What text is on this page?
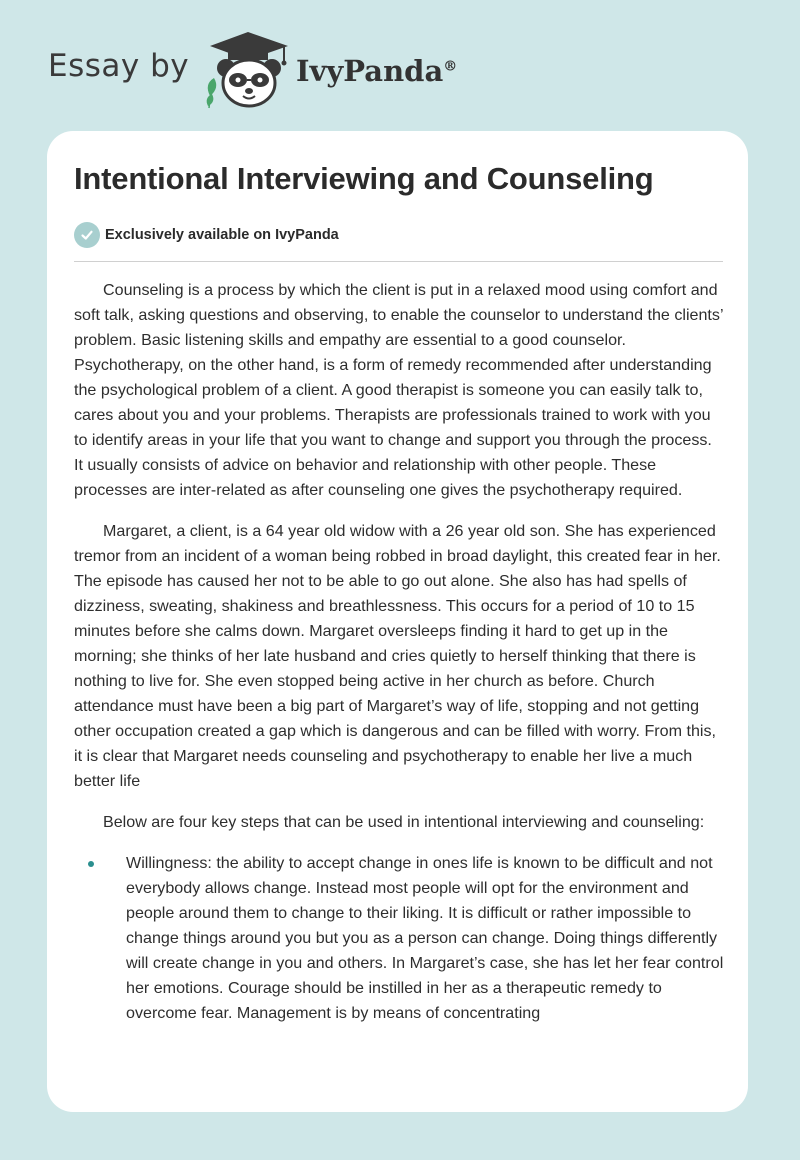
Essay by	IvyPanda®
Intentional Interviewing and Counseling
Exclusively available on IvyPanda

Counseling is a process by which the client is put in a relaxed mood using comfort and soft talk, asking questions and observing, to enable the counselor to understand the clients’ problem. Basic listening skills and empathy are essential to a good counselor. Psychotherapy, on the other hand, is a form of remedy recommended after understanding the psychological problem of a client. A good therapist is someone you can easily talk to, cares about you and your problems. Therapists are professionals trained to work with you to identify areas in your life that you want to change and support you through the process. It usually consists of advice on behavior and relationship with other people. These processes are inter-related as after counseling one gives the psychotherapy required.

Margaret, a client, is a 64 year old widow with a 26 year old son. She has experienced tremor from an incident of a woman being robbed in broad daylight, this created fear in her. The episode has caused her not to be able to go out alone. She also has had spells of dizziness, sweating, shakiness and breathlessness. This occurs for a period of 10 to 15 minutes before she calms down. Margaret oversleeps finding it hard to get up in the morning; she thinks of her late husband and cries quietly to herself thinking that there is nothing to live for. She even stopped being active in her church as before. Church attendance must have been a big part of Margaret’s way of life, stopping and not getting other occupation created a gap which is dangerous and can be filled with worry. From this, it is clear that Margaret needs counseling and psychotherapy to enable her live a much better life

Below are four key steps that can be used in intentional interviewing and counseling:

Willingness: the ability to accept change in ones life is known to be difficult and not everybody allows change. Instead most people will opt for the environment and people around them to change to their liking. It is difficult or rather impossible to change things around you but you as a person can change. Doing things differently will create change in you and others. In Margaret’s case, she has let her fear control her emotions. Courage should be instilled in her as a therapeutic remedy to overcome fear. Management is by means of concentrating
